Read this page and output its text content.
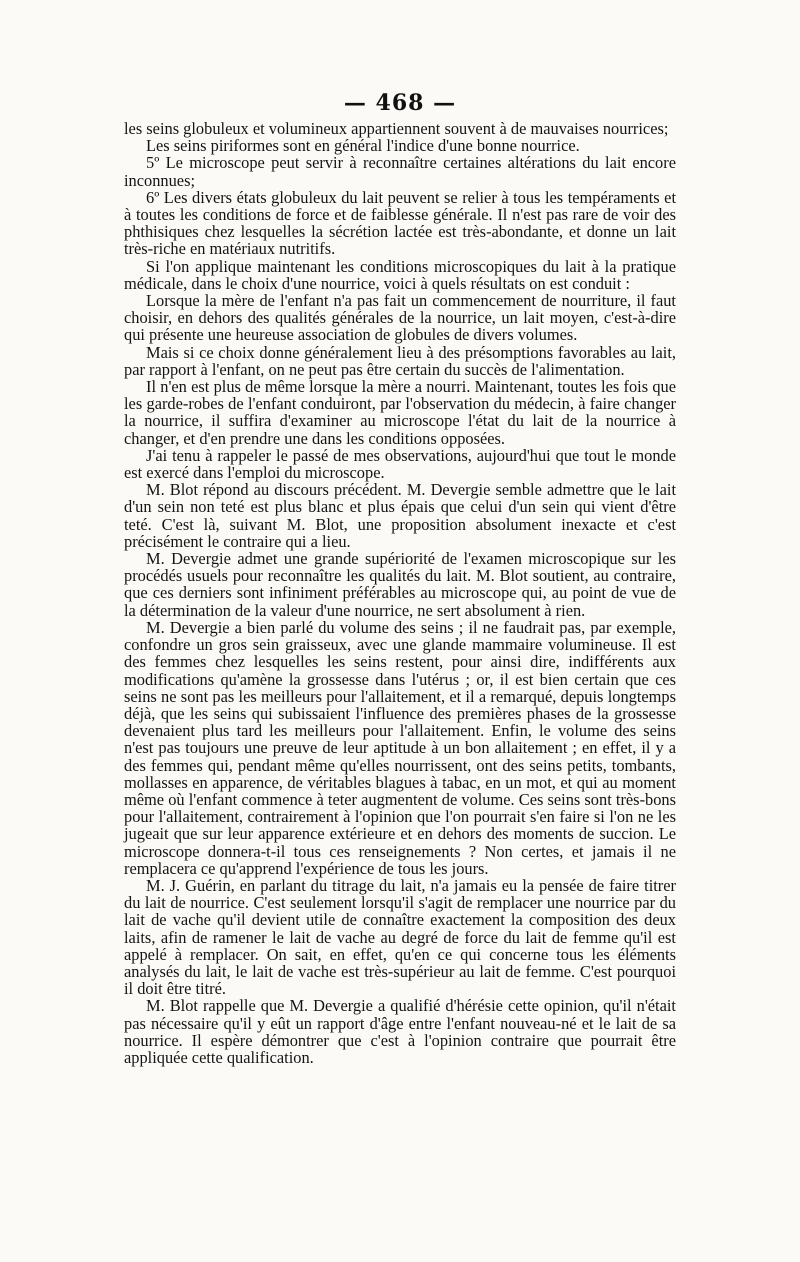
— 468 —

les seins globuleux et volumineux appartiennent souvent à de mauvaises nourrices;

Les seins piriformes sont en général l'indice d'une bonne nourrice.

5º Le microscope peut servir à reconnaître certaines altérations du lait encore inconnues;

6º Les divers états globuleux du lait peuvent se relier à tous les tempéraments et à toutes les conditions de force et de faiblesse générale. Il n'est pas rare de voir des phthisiques chez lesquelles la sécrétion lactée est très-abondante, et donne un lait très-riche en matériaux nutritifs.

Si l'on applique maintenant les conditions microscopiques du lait à la pratique médicale, dans le choix d'une nourrice, voici à quels résultats on est conduit :

Lorsque la mère de l'enfant n'a pas fait un commencement de nourriture, il faut choisir, en dehors des qualités générales de la nourrice, un lait moyen, c'est-à-dire qui présente une heureuse association de globules de divers volumes.

Mais si ce choix donne généralement lieu à des présomptions favorables au lait, par rapport à l'enfant, on ne peut pas être certain du succès de l'alimentation.

Il n'en est plus de même lorsque la mère a nourri. Maintenant, toutes les fois que les garde-robes de l'enfant conduiront, par l'observation du médecin, à faire changer la nourrice, il suffira d'examiner au microscope l'état du lait de la nourrice à changer, et d'en prendre une dans les conditions opposées.

J'ai tenu à rappeler le passé de mes observations, aujourd'hui que tout le monde est exercé dans l'emploi du microscope.

M. Blot répond au discours précédent. M. Devergie semble admettre que le lait d'un sein non teté est plus blanc et plus épais que celui d'un sein qui vient d'être teté. C'est là, suivant M. Blot, une proposition absolument inexacte et c'est précisément le contraire qui a lieu.

M. Devergie admet une grande supériorité de l'examen microscopique sur les procédés usuels pour reconnaître les qualités du lait. M. Blot soutient, au contraire, que ces derniers sont infiniment préférables au microscope qui, au point de vue de la détermination de la valeur d'une nourrice, ne sert absolument à rien.

M. Devergie a bien parlé du volume des seins ; il ne faudrait pas, par exemple, confondre un gros sein graisseux, avec une glande mammaire volumineuse. Il est des femmes chez lesquelles les seins restent, pour ainsi dire, indifférents aux modifications qu'amène la grossesse dans l'utérus ; or, il est bien certain que ces seins ne sont pas les meilleurs pour l'allaitement, et il a remarqué, depuis longtemps déjà, que les seins qui subissaient l'influence des premières phases de la grossesse devenaient plus tard les meilleurs pour l'allaitement. Enfin, le volume des seins n'est pas toujours une preuve de leur aptitude à un bon allaitement ; en effet, il y a des femmes qui, pendant même qu'elles nourrissent, ont des seins petits, tombants, mollasses en apparence, de véritables blagues à tabac, en un mot, et qui au moment même où l'enfant commence à teter augmentent de volume. Ces seins sont très-bons pour l'allaitement, contrairement à l'opinion que l'on pourrait s'en faire si l'on ne les jugeait que sur leur apparence extérieure et en dehors des moments de succion. Le microscope donnera-t-il tous ces renseignements ? Non certes, et jamais il ne remplacera ce qu'apprend l'expérience de tous les jours.

M. J. Guérin, en parlant du titrage du lait, n'a jamais eu la pensée de faire titrer du lait de nourrice. C'est seulement lorsqu'il s'agit de remplacer une nourrice par du lait de vache qu'il devient utile de connaître exactement la composition des deux laits, afin de ramener le lait de vache au degré de force du lait de femme qu'il est appelé à remplacer. On sait, en effet, qu'en ce qui concerne tous les éléments analysés du lait, le lait de vache est très-supérieur au lait de femme. C'est pourquoi il doit être titré.

M. Blot rappelle que M. Devergie a qualifié d'hérésie cette opinion, qu'il n'était pas nécessaire qu'il y eût un rapport d'âge entre l'enfant nouveau-né et le lait de sa nourrice. Il espère démontrer que c'est à l'opinion contraire que pourrait être appliquée cette qualification.
